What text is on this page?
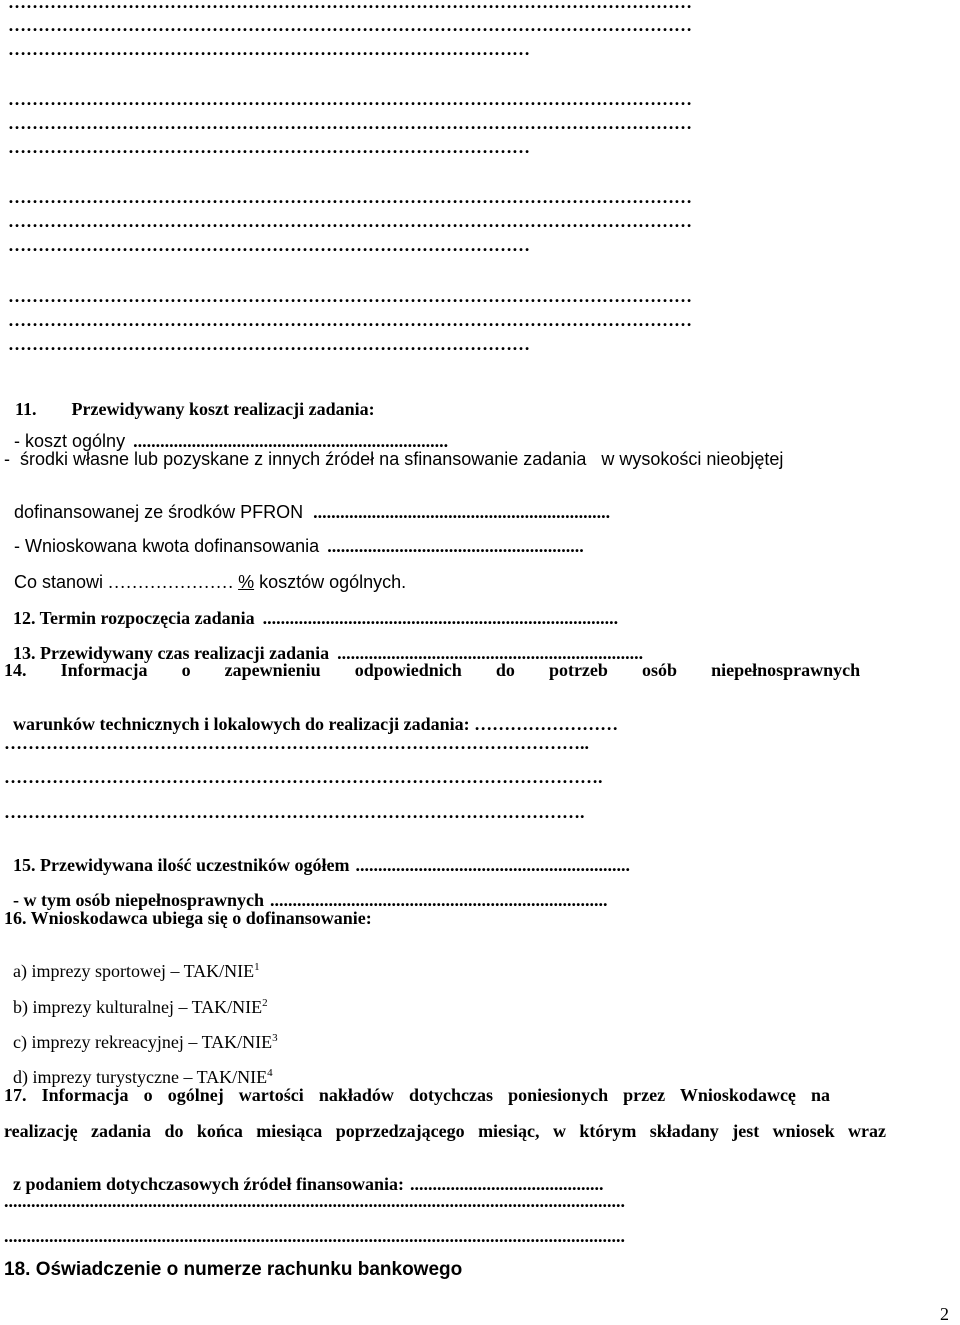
……………………………………………………………………………………………………
……………………………………………………………………………………………………
……………………………………………………………………………
……………………………………………………………………………………………………
……………………………………………………………………………………………………
……………………………………………………………………………
……………………………………………………………………………………………………
……………………………………………………………………………………………………
……………………………………………………………………………
……………………………………………………………………………………………………
……………………………………………………………………………………………………
……………………………………………………………………………

11. Przewidywany koszt realizacji zadania:

- koszt ogólny ......................................................................

-  środki własne lub pozyskane z innych źródeł na sfinansowanie zadania   w wysokości nieobjętej

dofinansowanej ze środków PFRON ..................................................................

- Wnioskowana kwota dofinansowania .........................................................

Co stanowi ………………… % kosztów ogólnych.

12. Termin rozpoczęcia zadania ...............................................................................

13. Przewidywany czas realizacji zadania ....................................................................

14. Informacja o zapewnieniu odpowiednich do potrzeb osób niepełnosprawnych

warunków technicznych i lokalowych do realizacji zadania: ……………………

……………………………………………………………………………………..
……………………………………………………………………………………….
…………………………………………………………………………………….

15. Przewidywana ilość uczestników ogółem .............................................................

- w tym osób niepełnosprawnych ...........................................................................

16. Wnioskodawca ubiega się o dofinansowanie:

a) imprezy sportowej – TAK/NIE$^1$

b) imprezy kulturalnej – TAK/NIE$^2$

c) imprezy rekreacyjnej – TAK/NIE$^3$

d) imprezy turystyczne – TAK/NIE$^4$

17. Informacja o ogólnej wartości nakładów dotychczas poniesionych przez Wnioskodawcę na
realizację zadania do końca miesiąca poprzedzającego miesiąc, w którym składany jest wniosek wraz

z podaniem dotychczasowych źródeł finansowania: ...........................................

..........................................................................................................................................
..........................................................................................................................................
18. Oświadczenie o numerze rachunku bankowego
2
